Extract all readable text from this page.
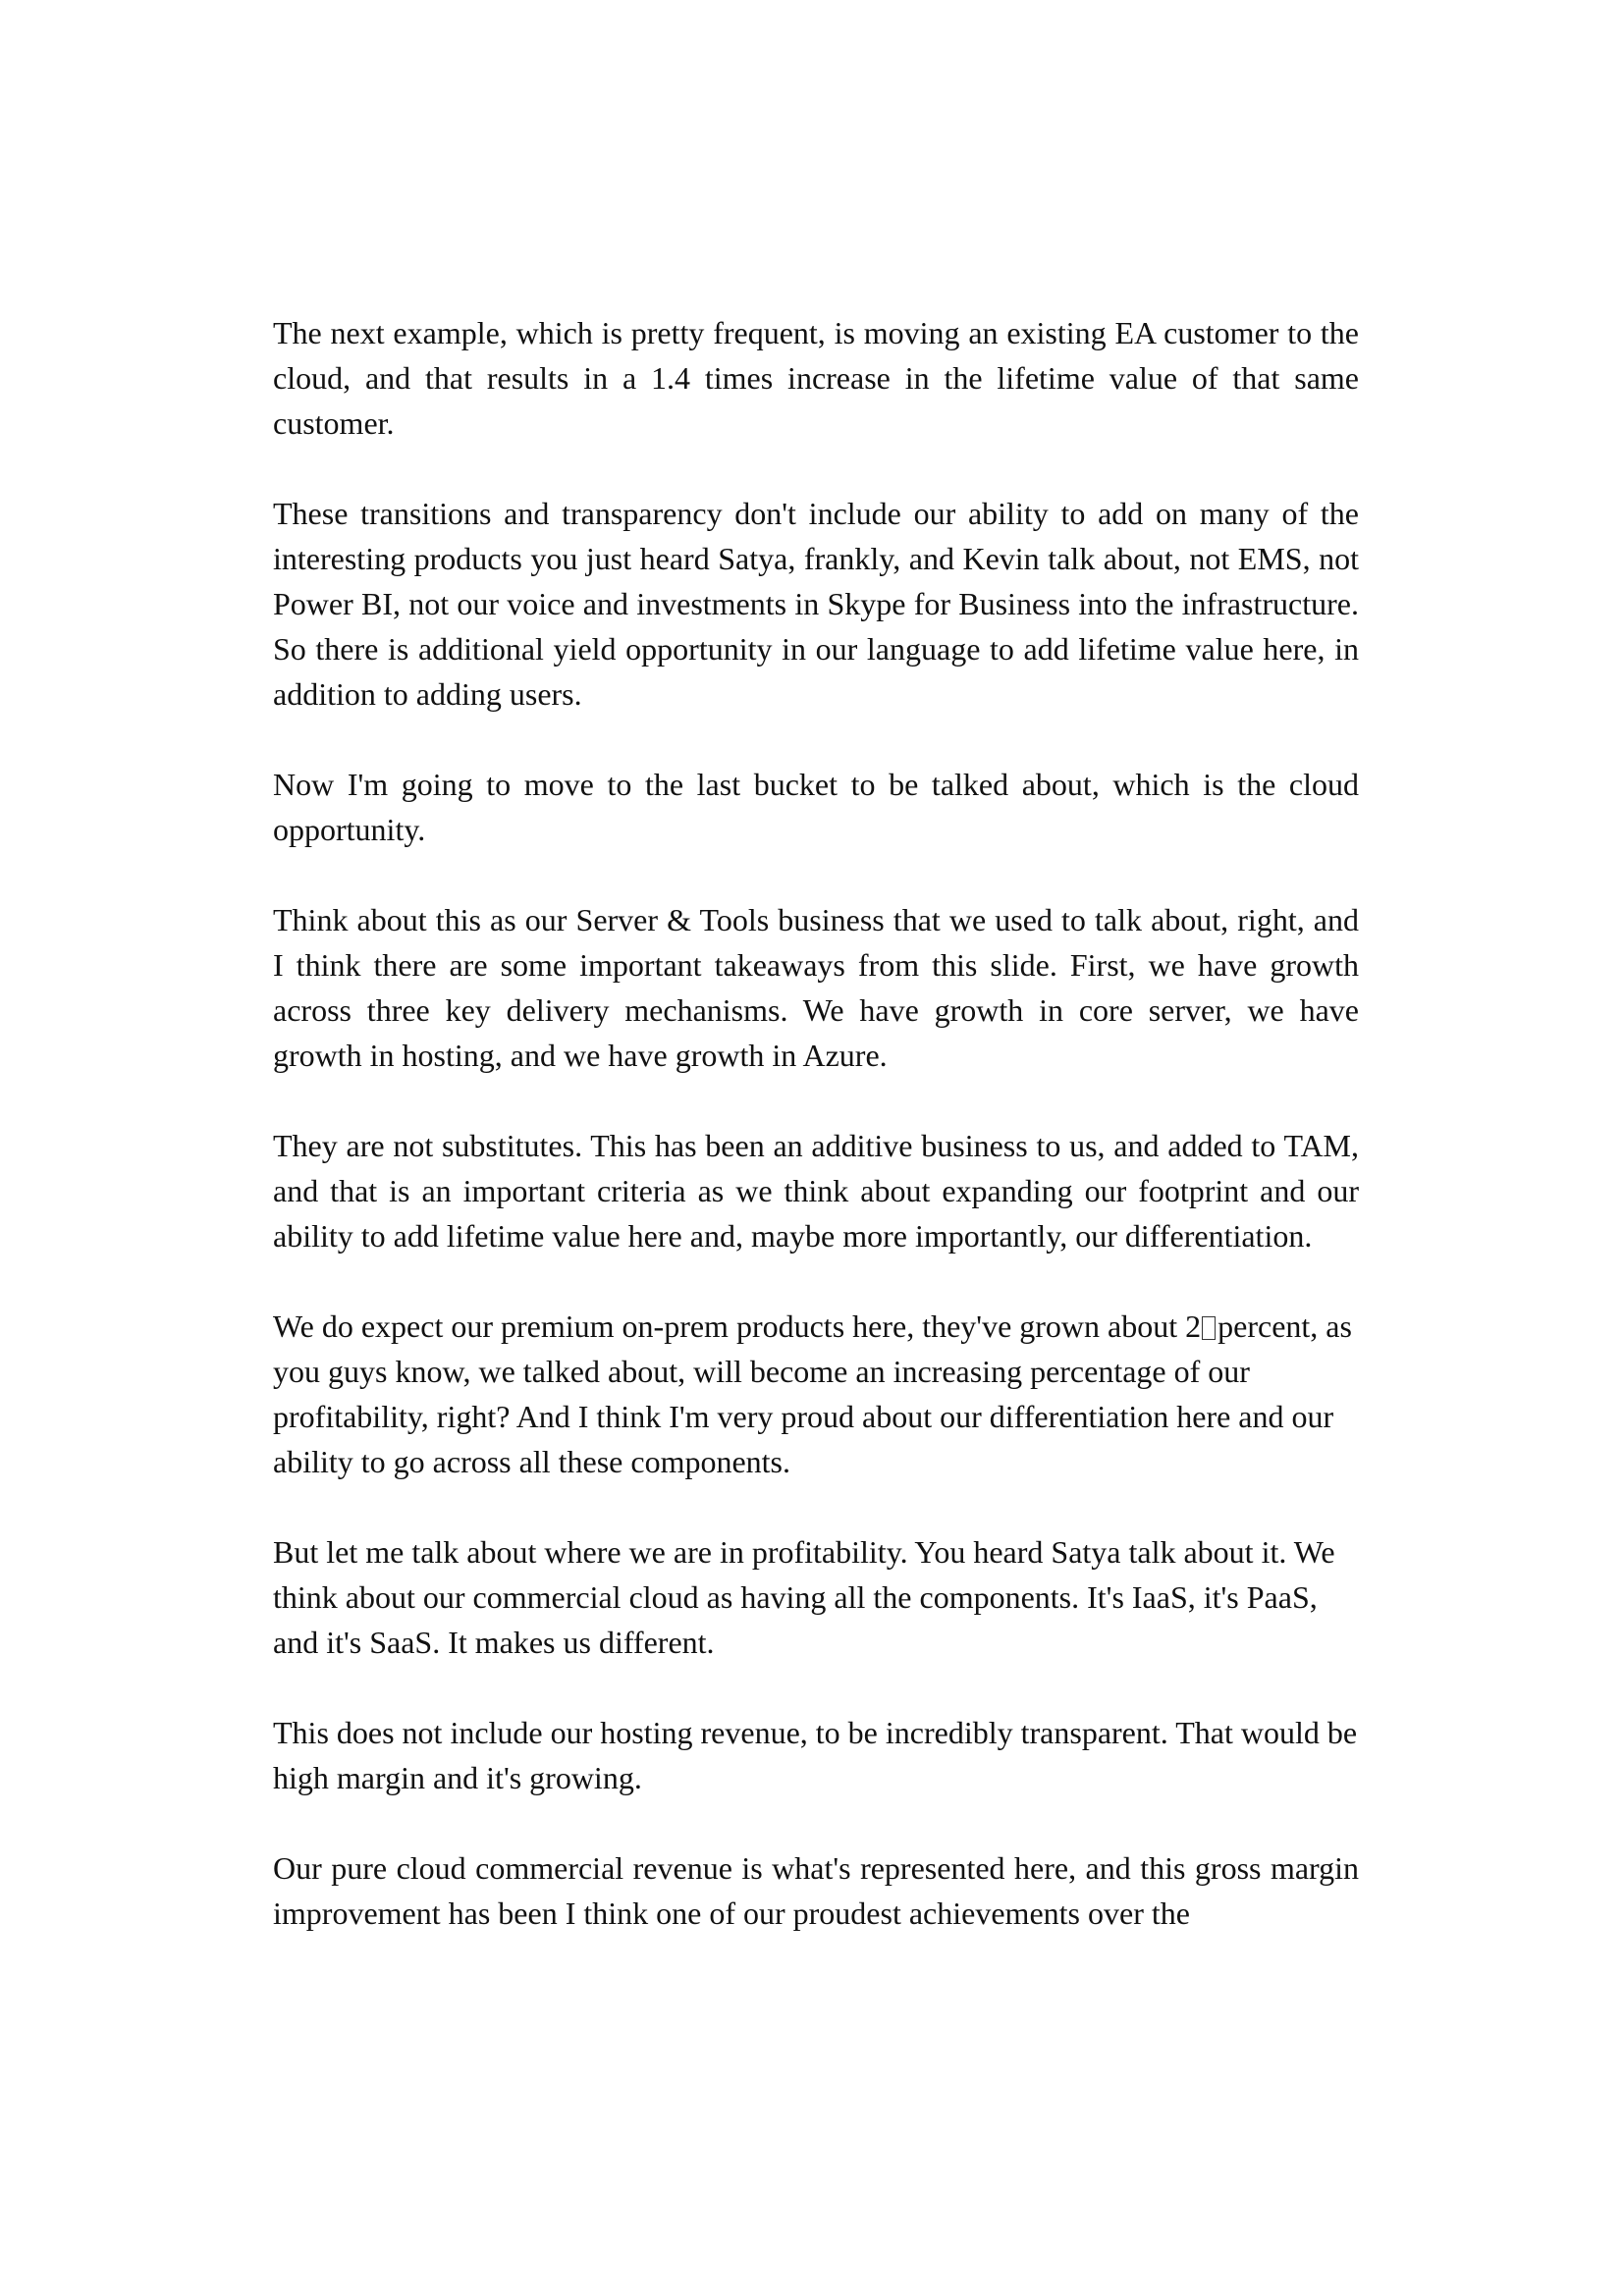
The next example, which is pretty frequent, is moving an existing EA customer to the cloud, and that results in a 1.4 times increase in the lifetime value of that same customer.

These transitions and transparency don't include our ability to add on many of the interesting products you just heard Satya, frankly, and Kevin talk about, not EMS, not Power BI, not our voice and investments in Skype for Business into the infrastructure. So there is additional yield opportunity in our language to add lifetime value here, in addition to adding users.

Now I'm going to move to the last bucket to be talked about, which is the cloud opportunity.

Think about this as our Server & Tools business that we used to talk about, right, and I think there are some important takeaways from this slide. First, we have growth across three key delivery mechanisms. We have growth in core server, we have growth in hosting, and we have growth in Azure.

They are not substitutes. This has been an additive business to us, and added to TAM, and that is an important criteria as we think about expanding our footprint and our ability to add lifetime value here and, maybe more importantly, our differentiation.

We do expect our premium on-prem products here, they've grown about 2 percent, as you guys know, we talked about, will become an increasing percentage of our profitability, right? And I think I'm very proud about our differentiation here and our ability to go across all these components.

But let me talk about where we are in profitability. You heard Satya talk about it. We think about our commercial cloud as having all the components. It's IaaS, it's PaaS, and it's SaaS. It makes us different.

This does not include our hosting revenue, to be incredibly transparent. That would be high margin and it's growing.

Our pure cloud commercial revenue is what's represented here, and this gross margin improvement has been I think one of our proudest achievements over the
